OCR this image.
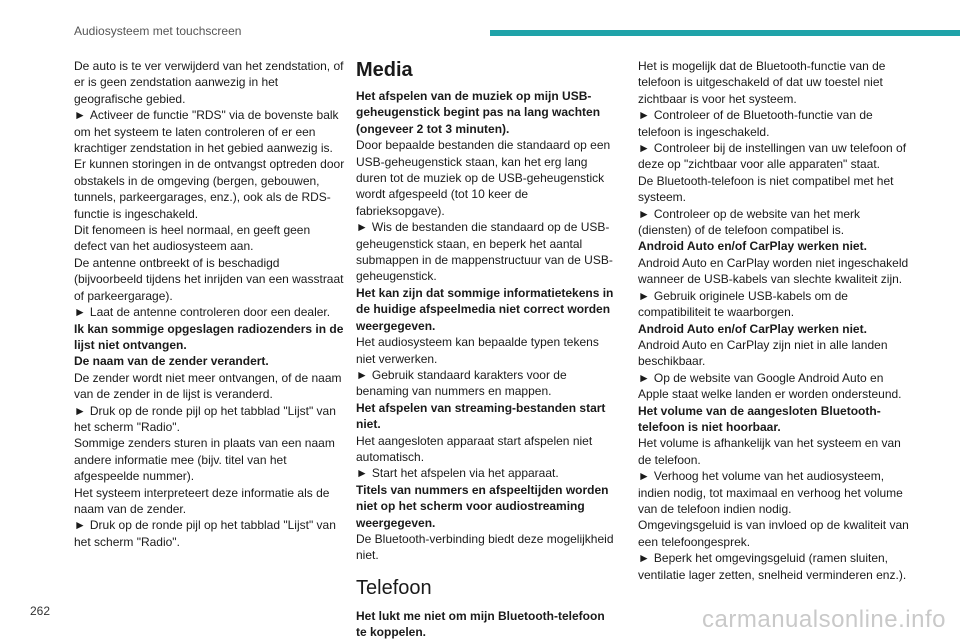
Audiosysteem met touchscreen
De auto is te ver verwijderd van het zendstation, of er is geen zendstation aanwezig in het geografische gebied.
► Activeer de functie "RDS" via de bovenste balk om het systeem te laten controleren of er een krachtiger zendstation in het gebied aanwezig is.
Er kunnen storingen in de ontvangst optreden door obstakels in de omgeving (bergen, gebouwen, tunnels, parkeergarages, enz.), ook als de RDS-functie is ingeschakeld.
Dit fenomeen is heel normaal, en geeft geen defect van het audiosysteem aan.
De antenne ontbreekt of is beschadigd (bijvoorbeeld tijdens het inrijden van een wasstraat of parkeergarage).
► Laat de antenne controleren door een dealer.
Ik kan sommige opgeslagen radiozenders in de lijst niet ontvangen.
De naam van de zender verandert.
De zender wordt niet meer ontvangen, of de naam van de zender in de lijst is veranderd.
► Druk op de ronde pijl op het tabblad "Lijst" van het scherm "Radio".
Sommige zenders sturen in plaats van een naam andere informatie mee (bijv. titel van het afgespeelde nummer).
Het systeem interpreteert deze informatie als de naam van de zender.
► Druk op de ronde pijl op het tabblad "Lijst" van het scherm "Radio".
Media
Het afspelen van de muziek op mijn USB-geheugenstick begint pas na lang wachten (ongeveer 2 tot 3 minuten).
Door bepaalde bestanden die standaard op een USB-geheugenstick staan, kan het erg lang duren tot de muziek op de USB-geheugenstick wordt afgespeeld (tot 10 keer de fabrieksopgave).
► Wis de bestanden die standaard op de USB-geheugenstick staan, en beperk het aantal submappen in de mappenstructuur van de USB-geheugenstick.
Het kan zijn dat sommige informatietekens in de huidige afspeelmedia niet correct worden weergegeven.
Het audiosysteem kan bepaalde typen tekens niet verwerken.
► Gebruik standaard karakters voor de benaming van nummers en mappen.
Het afspelen van streaming-bestanden start niet.
Het aangesloten apparaat start afspelen niet automatisch.
► Start het afspelen via het apparaat.
Titels van nummers en afspeeltijden worden niet op het scherm voor audiostreaming weergegeven.
De Bluetooth-verbinding biedt deze mogelijkheid niet.
Telefoon
Het lukt me niet om mijn Bluetooth-telefoon te koppelen.
Het is mogelijk dat de Bluetooth-functie van de telefoon is uitgeschakeld of dat uw toestel niet zichtbaar is voor het systeem.
► Controleer of de Bluetooth-functie van de telefoon is ingeschakeld.
► Controleer bij de instellingen van uw telefoon of deze op "zichtbaar voor alle apparaten" staat.
De Bluetooth-telefoon is niet compatibel met het systeem.
► Controleer op de website van het merk (diensten) of de telefoon compatibel is.
Android Auto en/of CarPlay werken niet.
Android Auto en CarPlay worden niet ingeschakeld wanneer de USB-kabels van slechte kwaliteit zijn.
► Gebruik originele USB-kabels om de compatibiliteit te waarborgen.
Android Auto en/of CarPlay werken niet.
Android Auto en CarPlay zijn niet in alle landen beschikbaar.
► Op de website van Google Android Auto en Apple staat welke landen er worden ondersteund.
Het volume van de aangesloten Bluetooth-telefoon is niet hoorbaar.
Het volume is afhankelijk van het systeem en van de telefoon.
► Verhoog het volume van het audiosysteem, indien nodig, tot maximaal en verhoog het volume van de telefoon indien nodig.
Omgevingsgeluid is van invloed op de kwaliteit van een telefoongesprek.
► Beperk het omgevingsgeluid (ramen sluiten, ventilatie lager zetten, snelheid verminderen enz.).
262	carmanualsonline.info
